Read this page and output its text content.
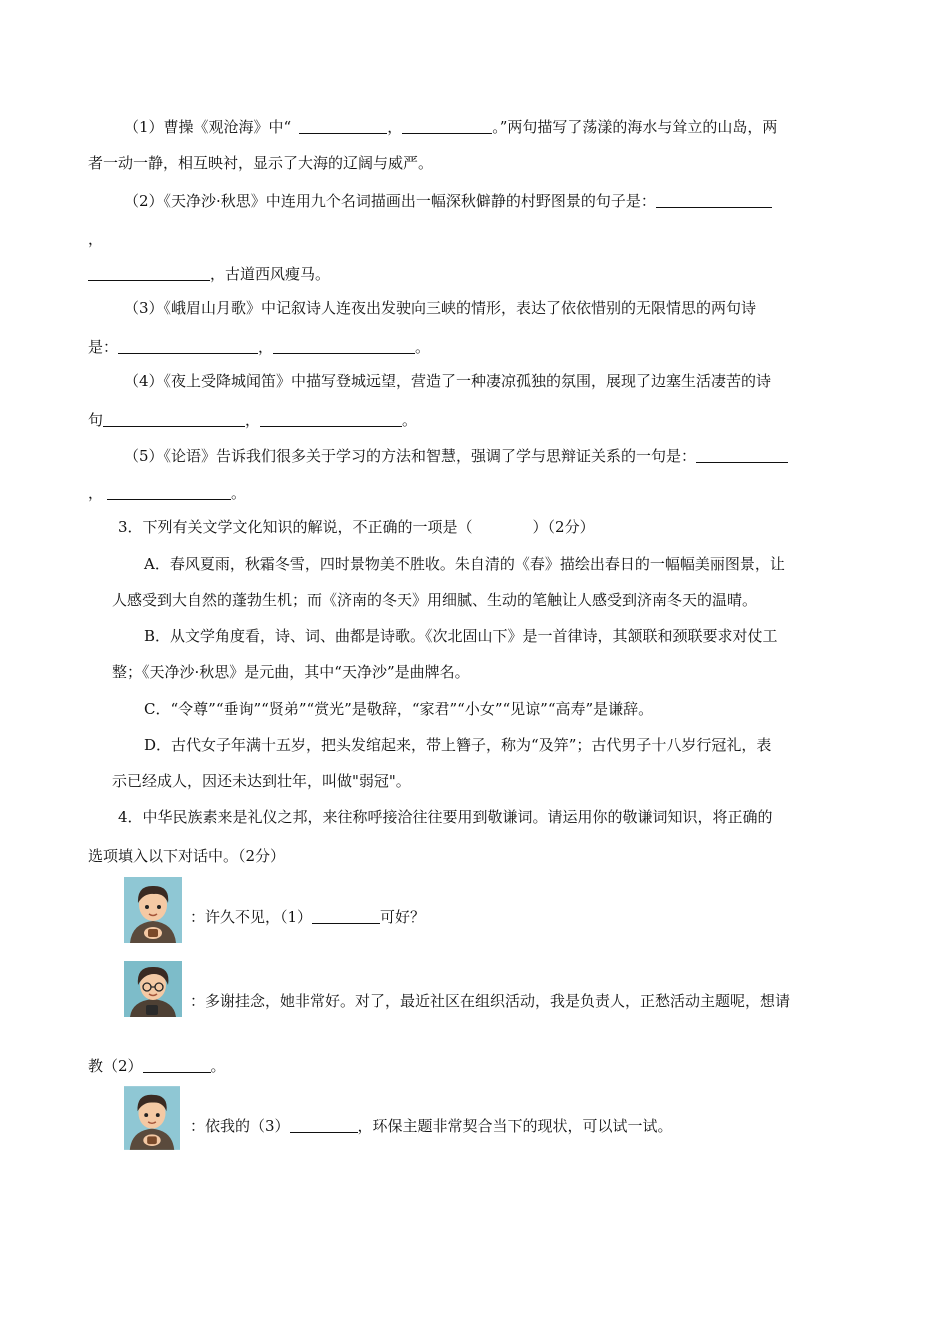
（1）曹操《观沧海》中“	，	。”两句描写了荡漾的海水与耸立的山岛，两
者一动一静，相互映衬，显示了大海的辽阔与威严。
（2）《天净沙·秋思》中连用九个名词描画出一幅深秋僻静的村野图景的句子是：
，
，古道西风瘦马。
（3）《峨眉山月歌》中记叙诗人连夜出发驶向三峡的情形，表达了依依惜别的无限情思的两句诗
是：	，	。
（4）《夜上受降城闻笛》中描写登城远望，营造了一种凄凉孤独的氛围，展现了边塞生活凄苦的诗
句	，	。
（5）《论语》告诉我们很多关于学习的方法和智慧，强调了学与思辩证关系的一句是：
，	。
3．下列有关文学文化知识的解说，不正确的一项是（	）（2分）
A．春风夏雨，秋霜冬雪，四时景物美不胜收。朱自清的《春》描绘出春日的一幅幅美丽图景，让
人感受到大自然的蓬勃生机；而《济南的冬天》用细腻、生动的笔触让人感受到济南冬天的温晴。
B．从文学角度看，诗、词、曲都是诗歌。《次北固山下》是一首律诗，其颔联和颈联要求对仗工
整；《天净沙·秋思》是元曲，其中“天净沙”是曲牌名。
C．“令尊”“垂询”“贤弟”“赏光”是敬辞，“家君”“小女”“见谅”“高寿”是谦辞。
D．古代女子年满十五岁，把头发绾起来，带上簪子，称为“及笄”；古代男子十八岁行冠礼，表
示已经成人，因还未达到壮年，叫做"弱冠"。
4．中华民族素来是礼仪之邦，来往称呼接洽往往要用到敬谦词。请运用你的敬谦词知识，将正确的
选项填入以下对话中。（2分）
：许久不见，（1）	可好？
：多谢挂念，她非常好。对了，最近社区在组织活动，我是负责人，正愁活动主题呢，想请
教（2）	。
：依我的（3）	，环保主题非常契合当下的现状，可以试一试。
